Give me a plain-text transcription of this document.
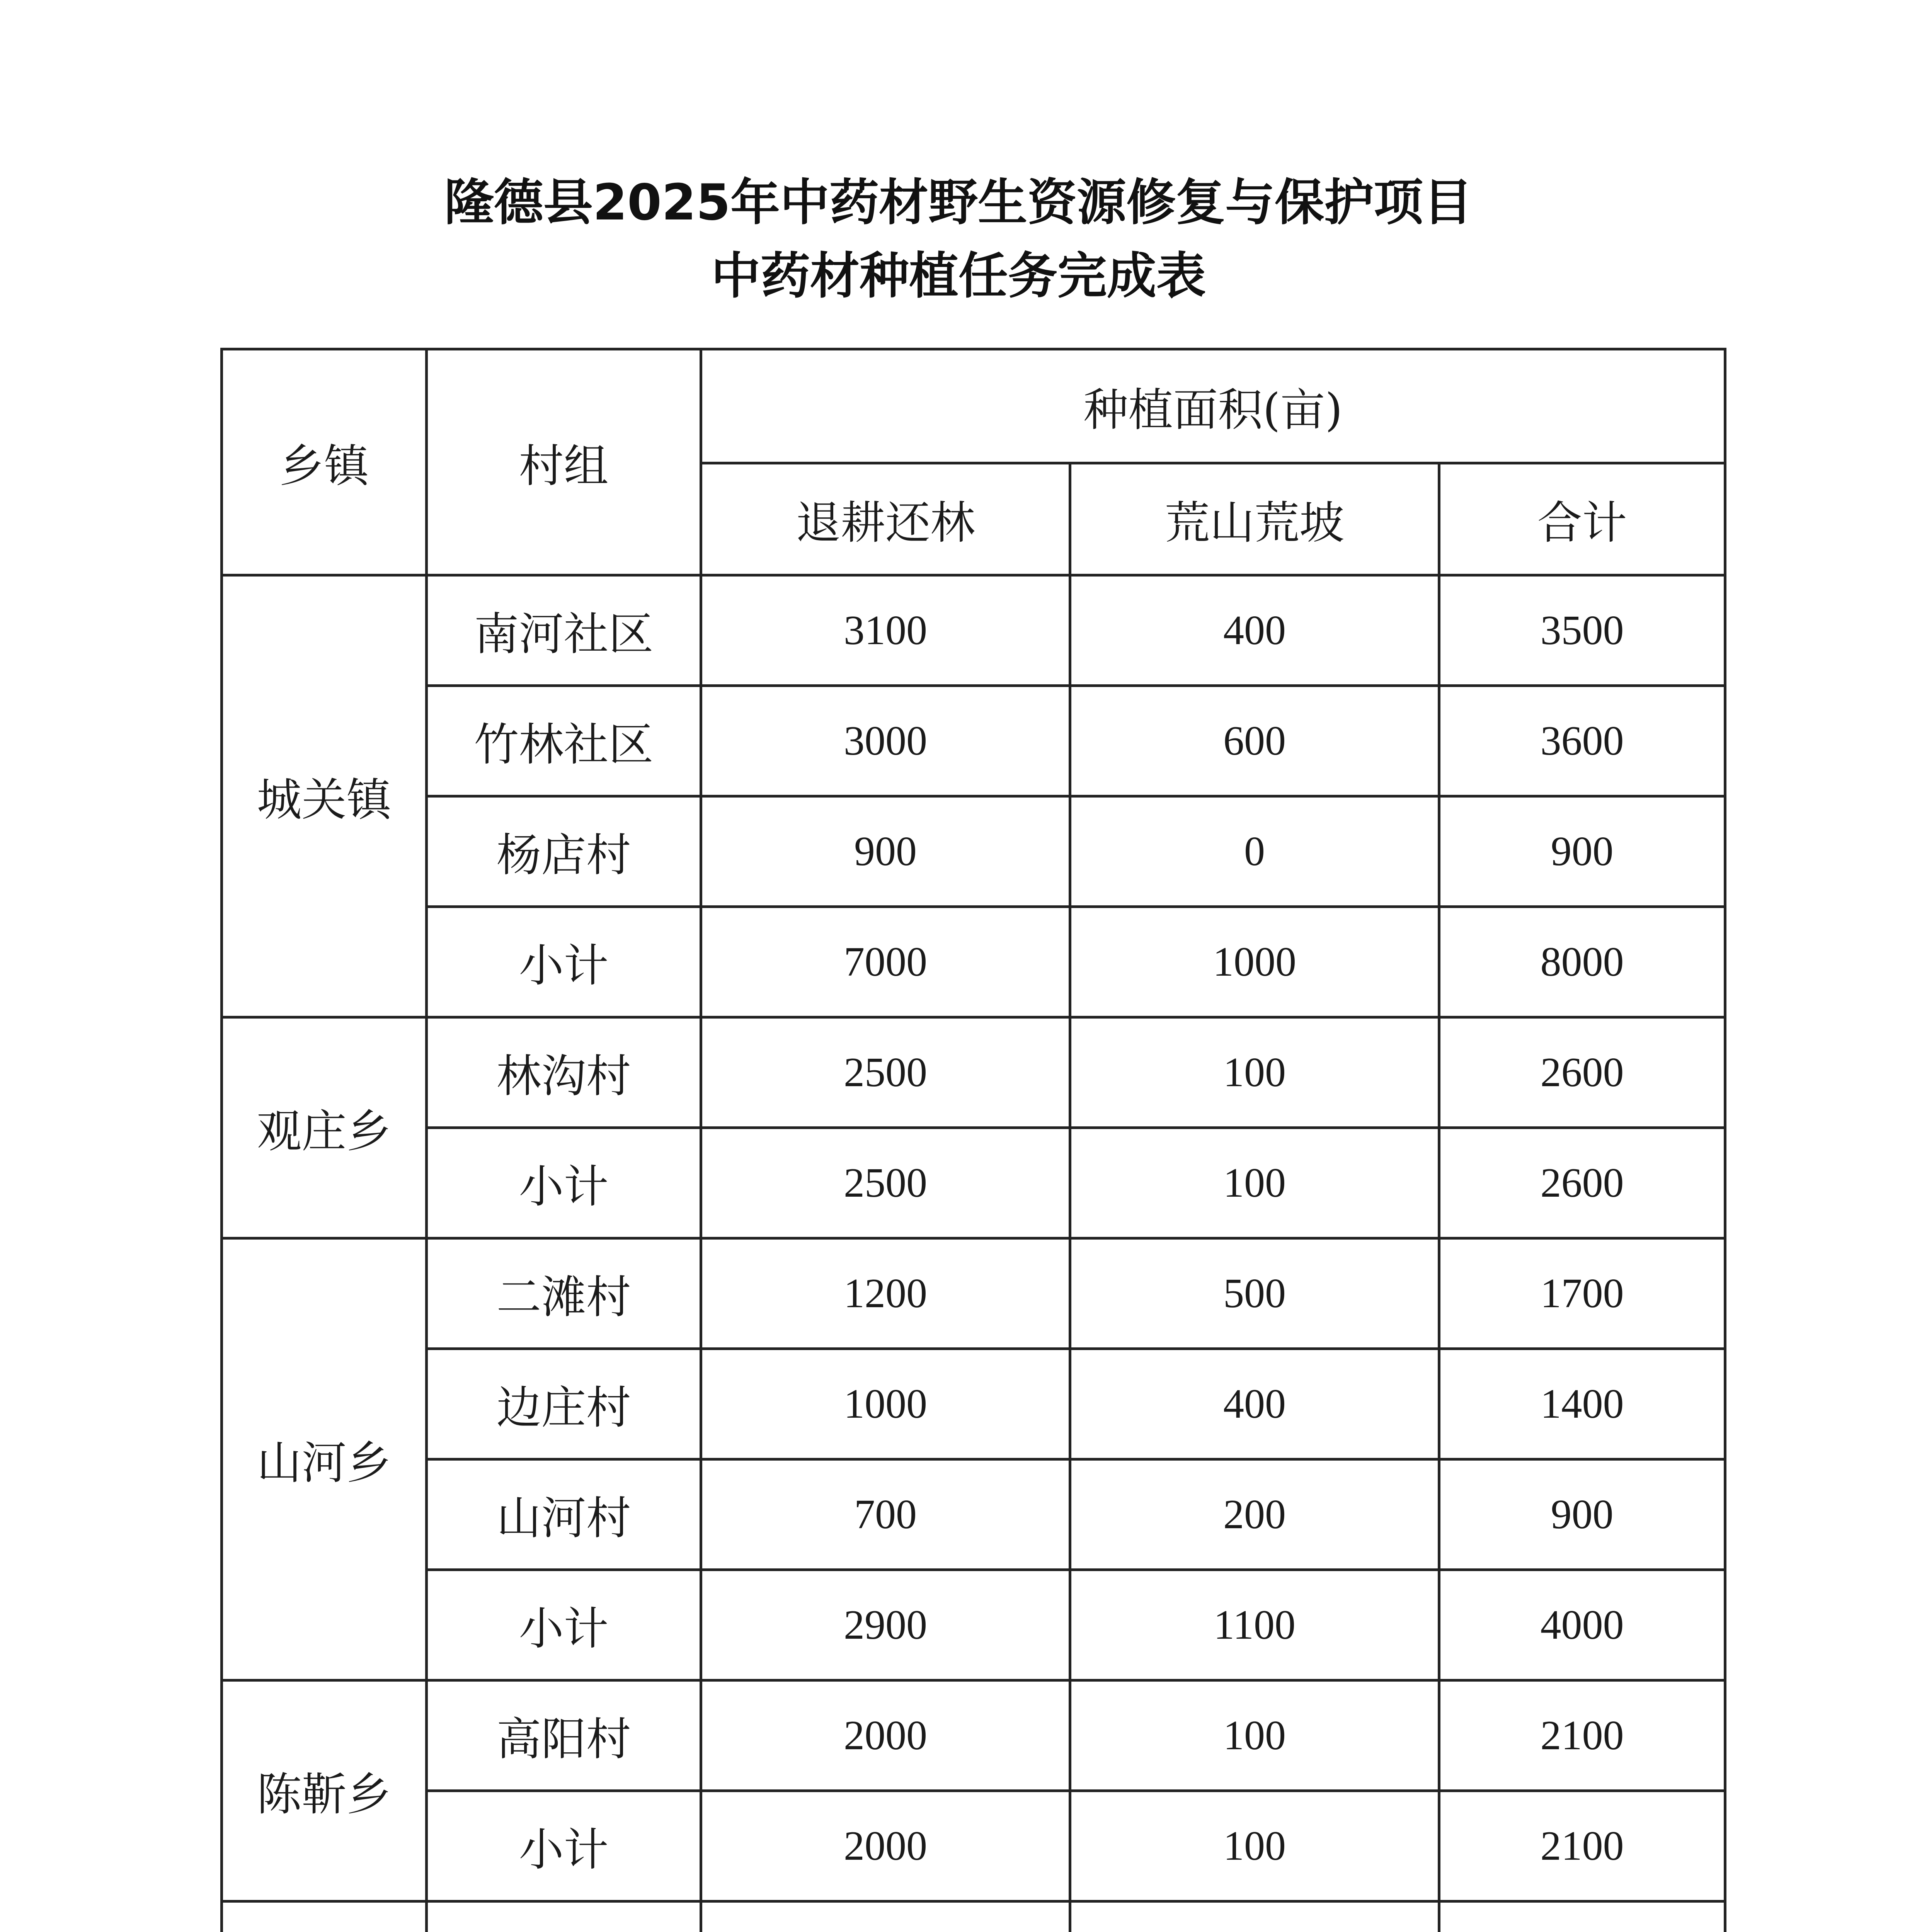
隆德县2025年中药材野生资源修复与保护项目
中药材种植任务完成表
乡镇	村组	种植面积(亩)		
		退耕还林	荒山荒坡	合计
城关镇	南河社区	3100	400	3500
	竹林社区	3000	600	3600
	杨店村	900	0	900
	小计	7000	1000	8000
观庄乡	林沟村	2500	100	2600
	小计	2500	100	2600
山河乡	二滩村	1200	500	1700
	边庄村	1000	400	1400
	山河村	700	200	900
	小计	2900	1100	4000
陈靳乡	高阳村	2000	100	2100
	小计	2000	100	2100
